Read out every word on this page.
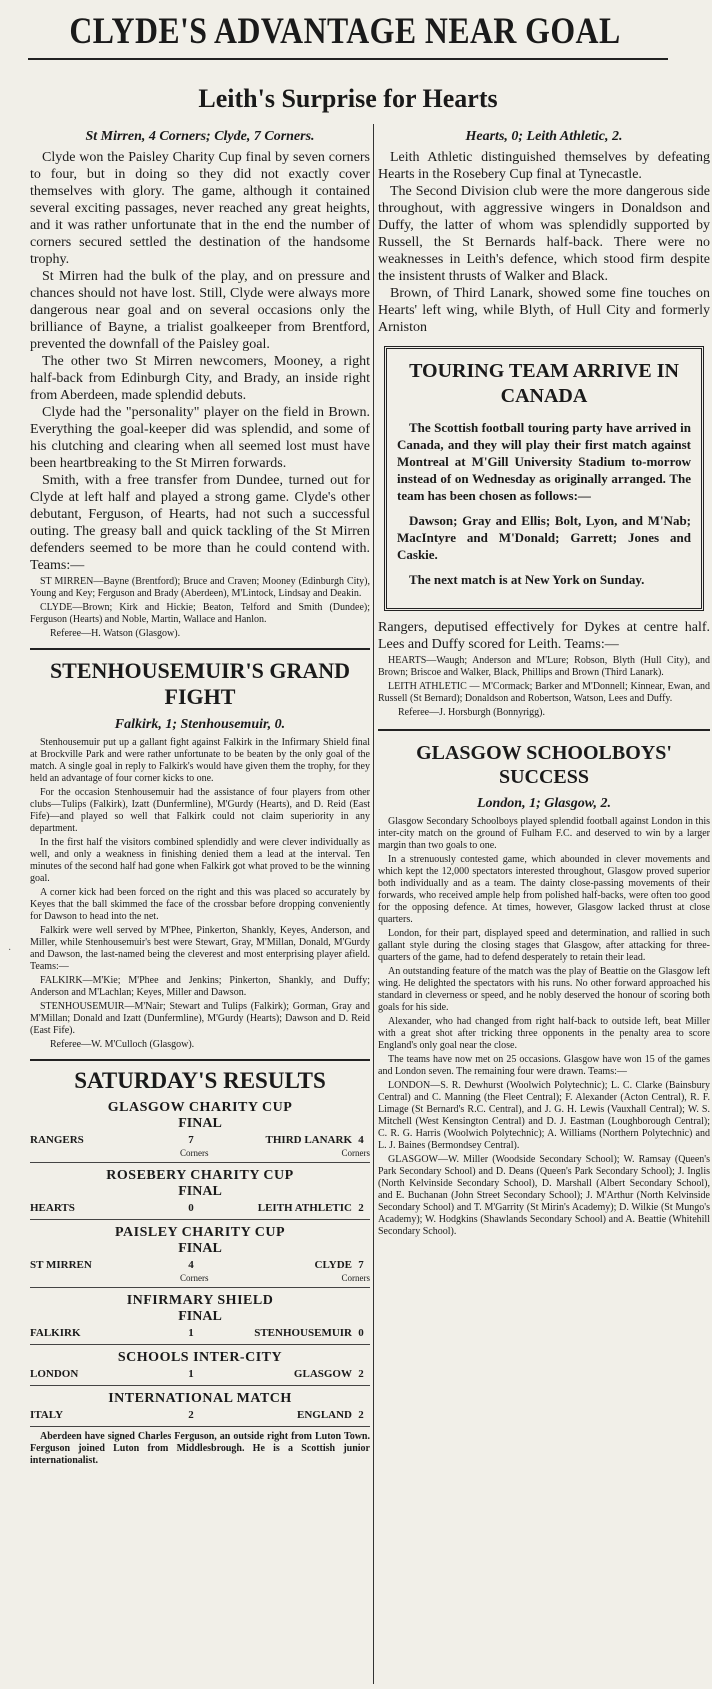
CLYDE'S ADVANTAGE NEAR GOAL
Leith's Surprise for Hearts
·
St Mirren, 4 Corners; Clyde, 7 Corners.

Clyde won the Paisley Charity Cup final by seven corners to four, but in doing so they did not exactly cover themselves with glory. The game, although it contained several exciting passages, never reached any great heights, and it was rather unfortunate that in the end the number of corners secured settled the destination of the handsome trophy.

St Mirren had the bulk of the play, and on pressure and chances should not have lost. Still, Clyde were always more dangerous near goal and on several occasions only the brilliance of Bayne, a trialist goalkeeper from Brentford, prevented the downfall of the Paisley goal.

The other two St Mirren newcomers, Mooney, a right half-back from Edinburgh City, and Brady, an inside right from Aberdeen, made splendid debuts.

Clyde had the "personality" player on the field in Brown. Everything the goal-keeper did was splendid, and some of his clutching and clearing when all seemed lost must have been heartbreaking to the St Mirren forwards.

Smith, with a free transfer from Dundee, turned out for Clyde at left half and played a strong game. Clyde's other debutant, Ferguson, of Hearts, had not such a successful outing. The greasy ball and quick tackling of the St Mirren defenders seemed to be more than he could contend with. Teams:—

ST MIRREN—Bayne (Brentford); Bruce and Craven; Mooney (Edinburgh City), Young and Key; Ferguson and Brady (Aberdeen), M'Lintock, Lindsay and Deakin.

CLYDE—Brown; Kirk and Hickie; Beaton, Telford and Smith (Dundee); Ferguson (Hearts) and Noble, Martin, Wallace and Hanlon.

Referee—H. Watson (Glasgow).

STENHOUSEMUIR'S GRAND FIGHT
Falkirk, 1; Stenhousemuir, 0.

Stenhousemuir put up a gallant fight against Falkirk in the Infirmary Shield final at Brockville Park and were rather unfortunate to be beaten by the only goal of the match. A single goal in reply to Falkirk's would have given them the trophy, for they held an advantage of four corner kicks to one.

For the occasion Stenhousemuir had the assistance of four players from other clubs—Tulips (Falkirk), Izatt (Dunfermline), M'Gurdy (Hearts), and D. Reid (East Fife)—and played so well that Falkirk could not claim superiority in any department.

In the first half the visitors combined splendidly and were clever individually as well, and only a weakness in finishing denied them a lead at the interval. Ten minutes of the second half had gone when Falkirk got what proved to be the winning goal.

A corner kick had been forced on the right and this was placed so accurately by Keyes that the ball skimmed the face of the crossbar before dropping conveniently for Dawson to head into the net.

Falkirk were well served by M'Phee, Pinkerton, Shankly, Keyes, Anderson, and Miller, while Stenhousemuir's best were Stewart, Gray, M'Millan, Donald, M'Gurdy and Dawson, the last-named being the cleverest and most enterprising player afield. Teams:—

FALKIRK—M'Kie; M'Phee and Jenkins; Pinkerton, Shankly, and Duffy; Anderson and M'Lachlan; Keyes, Miller and Dawson.

STENHOUSEMUIR—M'Nair; Stewart and Tulips (Falkirk); Gorman, Gray and M'Millan; Donald and Izatt (Dunfermline), M'Gurdy (Hearts); Dawson and D. Reid (East Fife).

Referee—W. M'Culloch (Glasgow).

SATURDAY'S RESULTS
GLASGOW CHARITY CUP
FINAL
RANGERS	7	THIRD LANARK 4
Corners	Corners
ROSEBERY CHARITY CUP
FINAL
HEARTS	0	LEITH ATHLETIC 2
PAISLEY CHARITY CUP
FINAL
ST MIRREN	4	CLYDE 7
Corners	Corners
INFIRMARY SHIELD
FINAL
FALKIRK	1	STENHOUSEMUIR 0
SCHOOLS INTER-CITY
LONDON	1	GLASGOW 2
INTERNATIONAL MATCH
ITALY	2	ENGLAND 2

Aberdeen have signed Charles Ferguson, an outside right from Luton Town. Ferguson joined Luton from Middlesbrough. He is a Scottish junior internationalist.

Hearts, 0; Leith Athletic, 2.

Leith Athletic distinguished themselves by defeating Hearts in the Rosebery Cup final at Tynecastle.

The Second Division club were the more dangerous side throughout, with aggressive wingers in Donaldson and Duffy, the latter of whom was splendidly supported by Russell, the St Bernards half-back. There were no weaknesses in Leith's defence, which stood firm despite the insistent thrusts of Walker and Black.

Brown, of Third Lanark, showed some fine touches on Hearts' left wing, while Blyth, of Hull City and formerly Arniston

TOURING TEAM ARRIVE IN CANADA

The Scottish football touring party have arrived in Canada, and they will play their first match against Montreal at M'Gill University Stadium to-morrow instead of on Wednesday as originally arranged. The team has been chosen as follows:—

Dawson; Gray and Ellis; Bolt, Lyon, and M'Nab; MacIntyre and M'Donald; Garrett; Jones and Caskie.

The next match is at New York on Sunday.

Rangers, deputised effectively for Dykes at centre half. Lees and Duffy scored for Leith. Teams:—

HEARTS—Waugh; Anderson and M'Lure; Robson, Blyth (Hull City), and Brown; Briscoe and Walker, Black, Phillips and Brown (Third Lanark).

LEITH ATHLETIC — M'Cormack; Barker and M'Donnell; Kinnear, Ewan, and Russell (St Bernard); Donaldson and Robertson, Watson, Lees and Duffy.

Referee—J. Horsburgh (Bonnyrigg).

GLASGOW SCHOOLBOYS' SUCCESS
London, 1; Glasgow, 2.

Glasgow Secondary Schoolboys played splendid football against London in this inter-city match on the ground of Fulham F.C. and deserved to win by a larger margin than two goals to one.

In a strenuously contested game, which abounded in clever movements and which kept the 12,000 spectators interested throughout, Glasgow proved superior both individually and as a team. The dainty close-passing movements of their forwards, who received ample help from polished half-backs, were often too good for the opposing defence. At times, however, Glasgow lacked thrust at close quarters.

London, for their part, displayed speed and determination, and rallied in such gallant style during the closing stages that Glasgow, after attacking for three-quarters of the game, had to defend desperately to retain their lead.

An outstanding feature of the match was the play of Beattie on the Glasgow left wing. He delighted the spectators with his runs. No other forward approached his standard in cleverness or speed, and he nobly deserved the honour of scoring both goals for his side.

Alexander, who had changed from right half-back to outside left, beat Miller with a great shot after tricking three opponents in the penalty area to score England's only goal near the close.

The teams have now met on 25 occasions. Glasgow have won 15 of the games and London seven. The remaining four were drawn. Teams:—

LONDON—S. R. Dewhurst (Woolwich Polytechnic); L. C. Clarke (Bainsbury Central) and C. Manning (the Fleet Central); F. Alexander (Acton Central), R. F. Limage (St Bernard's R.C. Central), and J. G. H. Lewis (Vauxhall Central); W. S. Mitchell (West Kensington Central) and D. J. Eastman (Loughborough Central); C. R. G. Harris (Woolwich Polytechnic); A. Williams (Northern Polytechnic) and L. J. Baines (Bermondsey Central).

GLASGOW—W. Miller (Woodside Secondary School); W. Ramsay (Queen's Park Secondary School) and D. Deans (Queen's Park Secondary School); J. Inglis (North Kelvinside Secondary School), D. Marshall (Albert Secondary School), and E. Buchanan (John Street Secondary School); J. M'Arthur (North Kelvinside Secondary School) and T. M'Garrity (St Mirin's Academy); D. Wilkie (St Mungo's Academy); W. Hodgkins (Shawlands Secondary School) and A. Beattie (Whitehill Secondary School).
